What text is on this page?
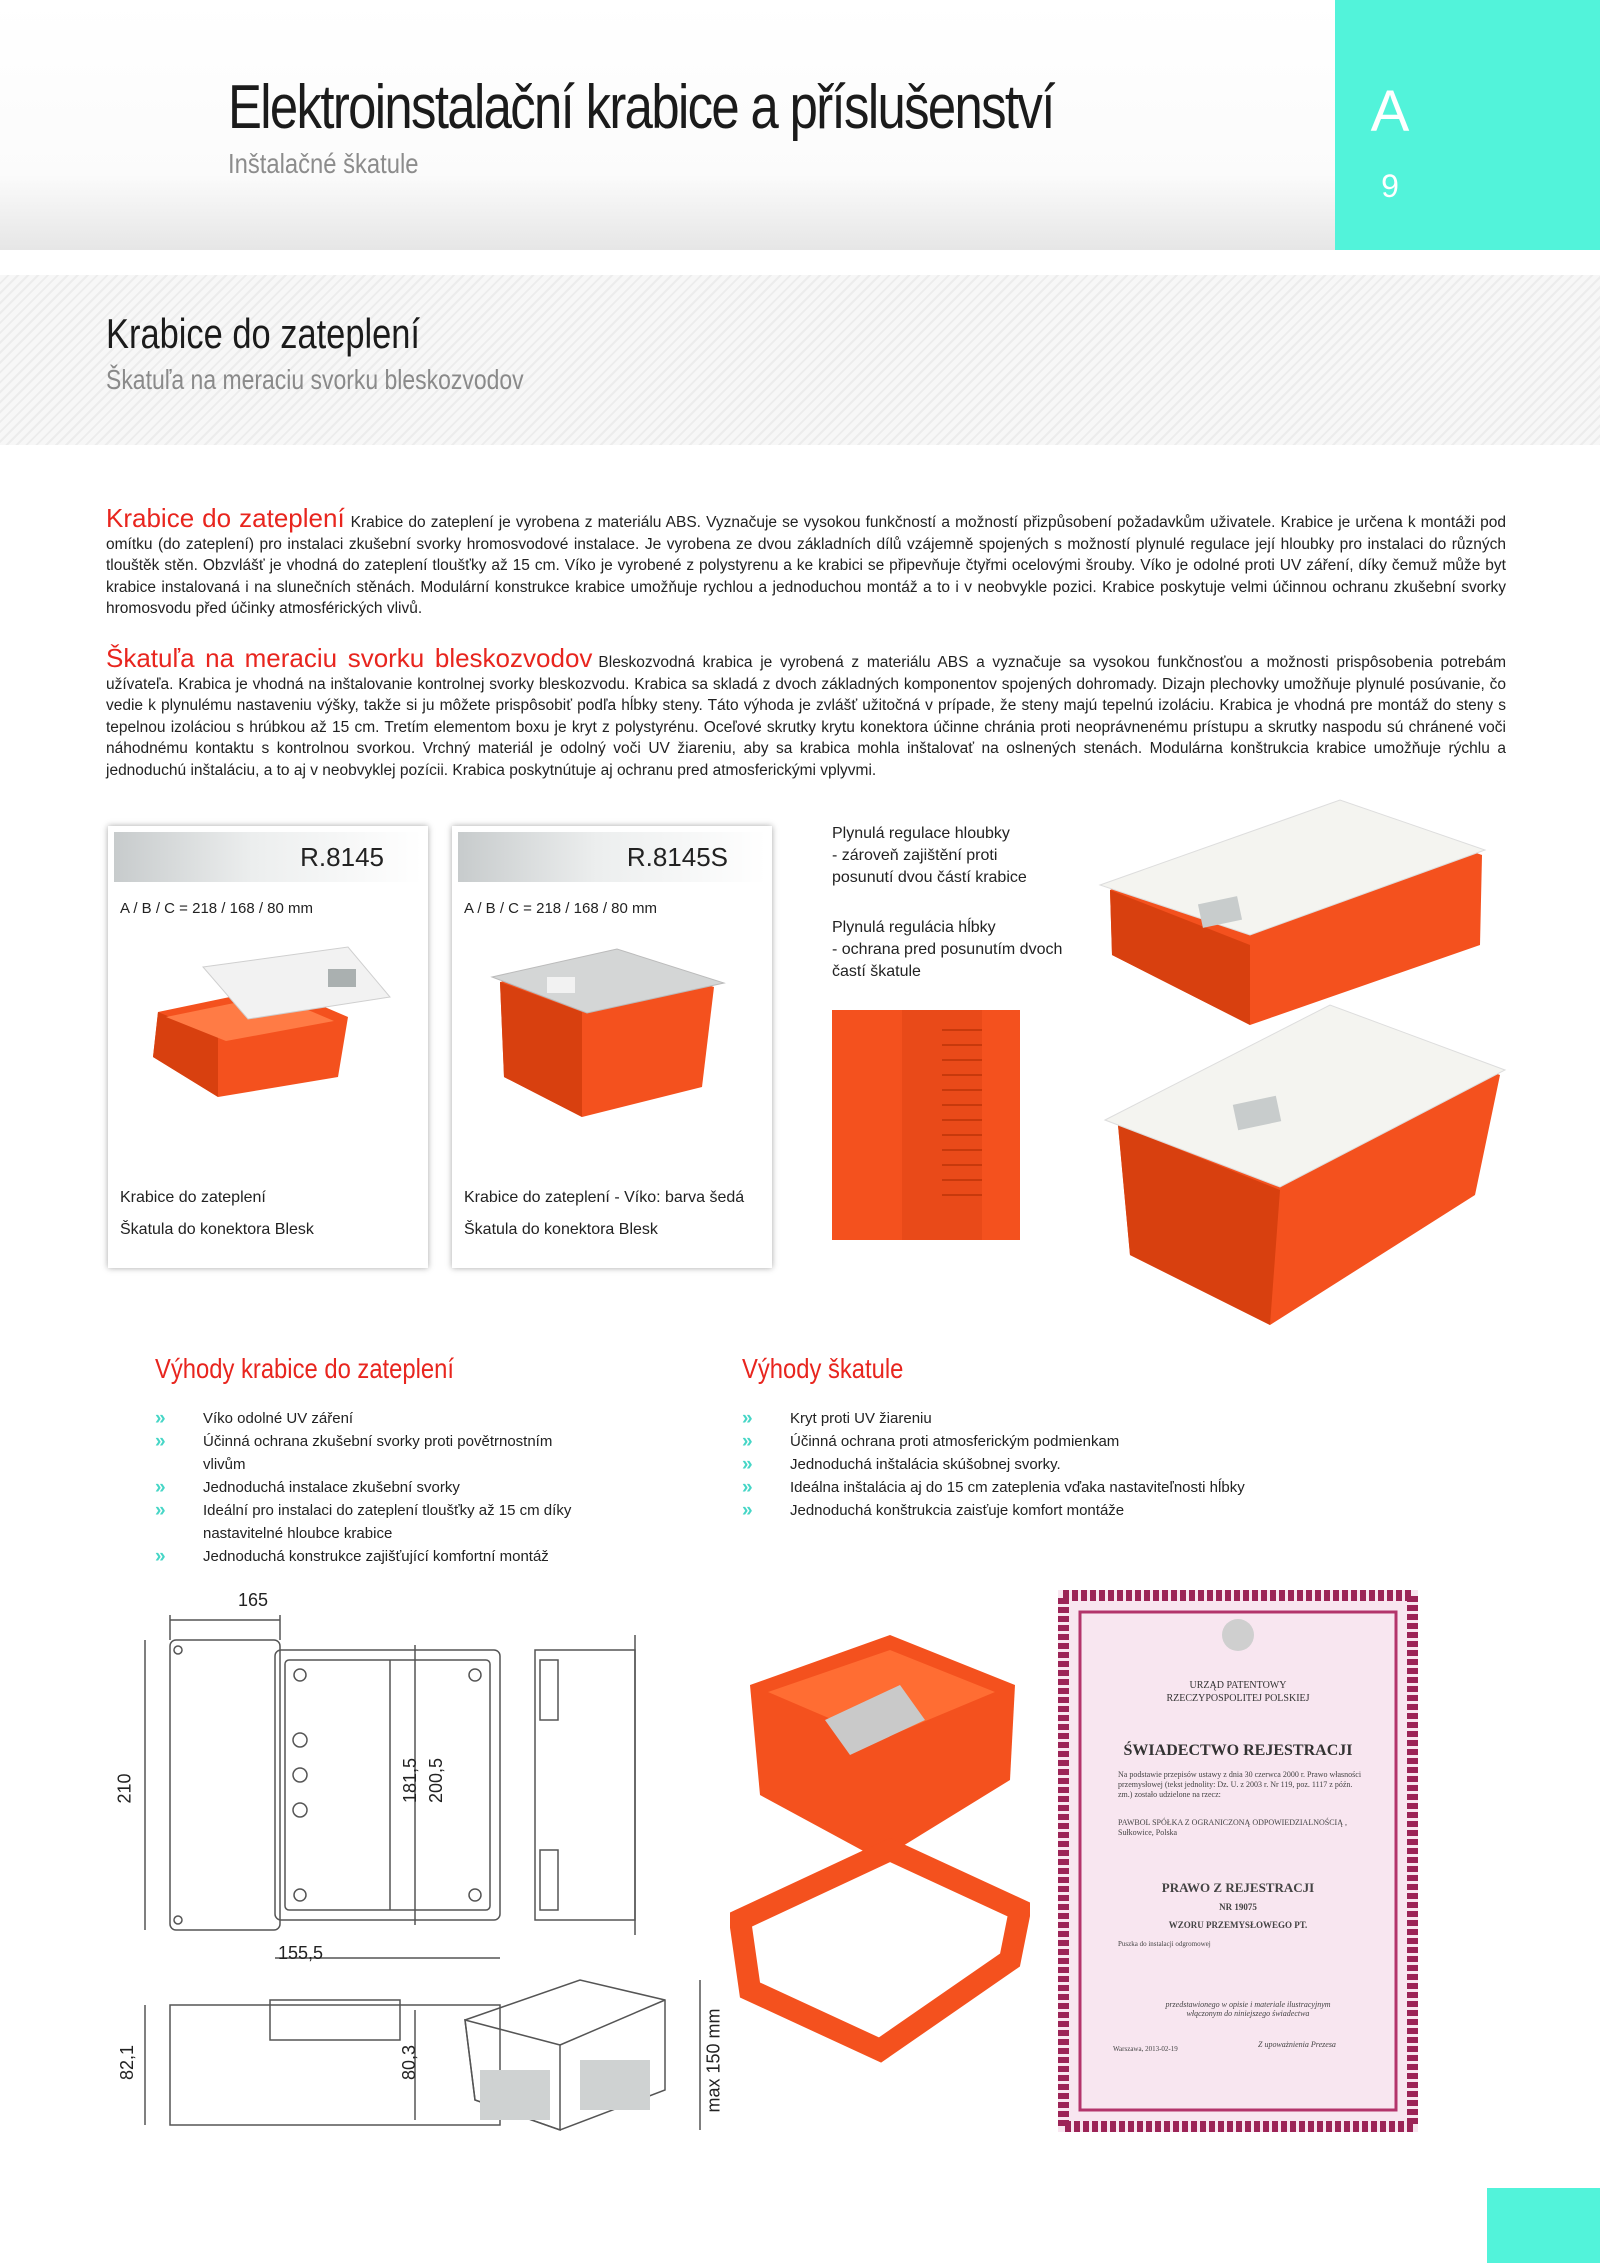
Elektroinstalační krabice a příslušenství
Inštalačné škatule
A
9
Krabice do zateplení
Škatuľa na meraciu svorku bleskozvodov
Krabice do zateplení Krabice do zateplení je vyrobena z materiálu ABS. Vyznačuje se vysokou funkčností a možností přizpůsobení požadavkům uživatele. Krabice je určena k montáži pod omítku (do zateplení) pro instalaci zkušební svorky hromosvodové instalace. Je vyrobena ze dvou základních dílů vzájemně spojených s možností plynulé regulace její hloubky pro instalaci do různých tlouštěk stěn. Obzvlášť je vhodná do zateplení tloušťky až 15 cm. Víko je vyrobené z polystyrenu a ke krabici se připevňuje čtyřmi ocelovými šrouby. Víko je odolné proti UV záření, díky čemuž může byt krabice instalovaná i na slunečních stěnách. Modulární konstrukce krabice umožňuje rychlou a jednoduchou montáž a to i v neobvykle pozici. Krabice poskytuje velmi účinnou ochranu zkušební svorky hromosvodu před účinky atmosférických vlivů.
Škatuľa na meraciu svorku bleskozvodov Bleskozvodná krabica je vyrobená z materiálu ABS a vyznačuje sa vysokou funkčnosťou a možnosti prispôsobenia potrebám užívateľa. Krabica je vhodná na inštalovanie kontrolnej svorky bleskozvodu. Krabica sa skladá z dvoch základných komponentov spojených dohromady. Dizajn plechovky umožňuje plynulé posúvanie, čo vedie k plynulému nastaveniu výšky, takže si ju môžete prispôsobiť podľa hĺbky steny. Táto výhoda je zvlášť užitočná v prípade, že steny majú tepelnú izoláciu. Krabica je vhodná pre montáž do steny s tepelnou izoláciou s hrúbkou až 15 cm. Tretím elementom boxu je kryt z polystyrénu. Oceľové skrutky krytu konektora účinne chránia proti neoprávnenému prístupu a skrutky naspodu sú chránené voči náhodnému kontaktu s kontrolnou svorkou. Vrchný materiál je odolný voči UV žiareniu, aby sa krabica mohla inštalovať na oslnených stenách. Modulárna konštrukcia krabice umožňuje rýchlu a jednoduchú inštaláciu, a to aj v neobvyklej pozícii. Krabica poskytnútuje aj ochranu pred atmosferickými vplyvmi.
R.8145
A / B / C = 218 / 168 / 80 mm
Krabice do zateplení
Škatula do konektora Blesk
R.8145S
A / B / C = 218 / 168 / 80 mm
Krabice do zateplení - Víko: barva šedá
Škatula do konektora Blesk
Plynulá regulace hloubky
- zároveň zajištění proti
posunutí dvou částí krabice
Plynulá regulácia hĺbky
- ochrana pred posunutím dvoch
častí škatule
Výhody krabice do zateplení
» Víko odolné UV záření
» Účinná ochrana zkušební svorky proti povětrnostním vlivům
» Jednoduchá instalace zkušební svorky
» Ideální pro instalaci do zateplení tloušťky až 15 cm díky nastavitelné hloubce krabice
» Jednoduchá konstrukce zajišťující komfortní montáž
Výhody škatule
» Kryt proti UV žiareniu
» Účinná ochrana proti atmosferickým podmienkam
» Jednoduchá inštalácia skúšobnej svorky.
» Ideálna inštalácia aj do 15 cm zateplenia vďaka nastaviteľnosti hĺbky
» Jednoduchá konštrukcia zaisťuje komfort montáže
165
210	181,5 200,5
155,5
82,1	80,3	max 150 mm
URZĄD PATENTOWY
RZECZYPOSPOLITEJ POLSKIEJ
ŚWIADECTWO REJESTRACJI
Na podstawie przepisów ustawy z dnia 30 czerwca 2000 r. Prawo własności przemysłowej (tekst jednolity: Dz. U. z 2003 r. Nr 119, poz. 1117 z późn. zm.) zostało udzielone na rzecz:
PAWBOL SPÓŁKA Z OGRANICZONĄ ODPOWIEDZIALNOŚCIĄ , Sułkowice, Polska
PRAWO Z REJESTRACJI
NR 19075
WZORU PRZEMYSŁOWEGO PT.
Puszka do instalacji odgromowej
przedstawionego w opisie i materiale ilustracyjnym włączonym do niniejszego świadectwa
Warszawa, 2013-02-19	Z upoważnienia Prezesa
